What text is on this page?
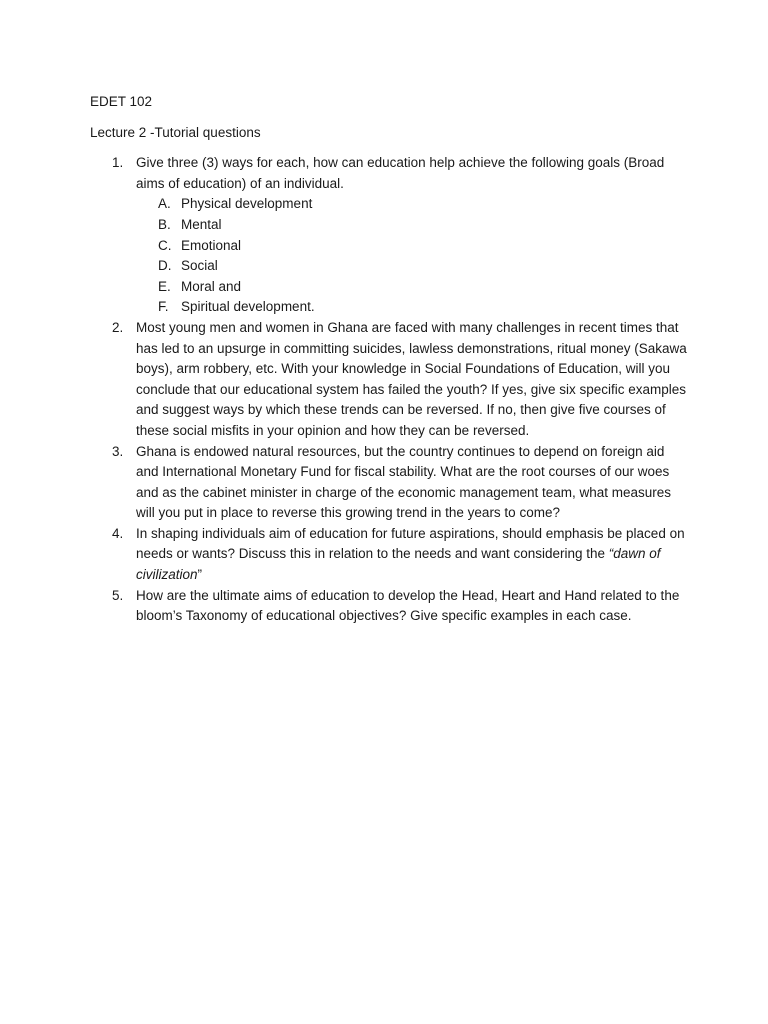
EDET 102

Lecture 2 -Tutorial questions

1. Give three (3) ways for each, how can education help achieve the following goals (Broad aims of education) of an individual.
A. Physical development
B. Mental
C. Emotional
D. Social
E. Moral and
F. Spiritual development.
2. Most young men and women in Ghana are faced with many challenges in recent times that has led to an upsurge in committing suicides, lawless demonstrations, ritual money (Sakawa boys), arm robbery, etc. With your knowledge in Social Foundations of Education, will you conclude that our educational system has failed the youth? If yes, give six specific examples and suggest ways by which these trends can be reversed. If no, then give five courses of these social misfits in your opinion and how they can be reversed.
3. Ghana is endowed natural resources, but the country continues to depend on foreign aid and International Monetary Fund for fiscal stability. What are the root courses of our woes and as the cabinet minister in charge of the economic management team, what measures will you put in place to reverse this growing trend in the years to come?
4. In shaping individuals aim of education for future aspirations, should emphasis be placed on needs or wants? Discuss this in relation to the needs and want considering the “dawn of civilization”
5. How are the ultimate aims of education to develop the Head, Heart and Hand related to the bloom’s Taxonomy of educational objectives? Give specific examples in each case.
